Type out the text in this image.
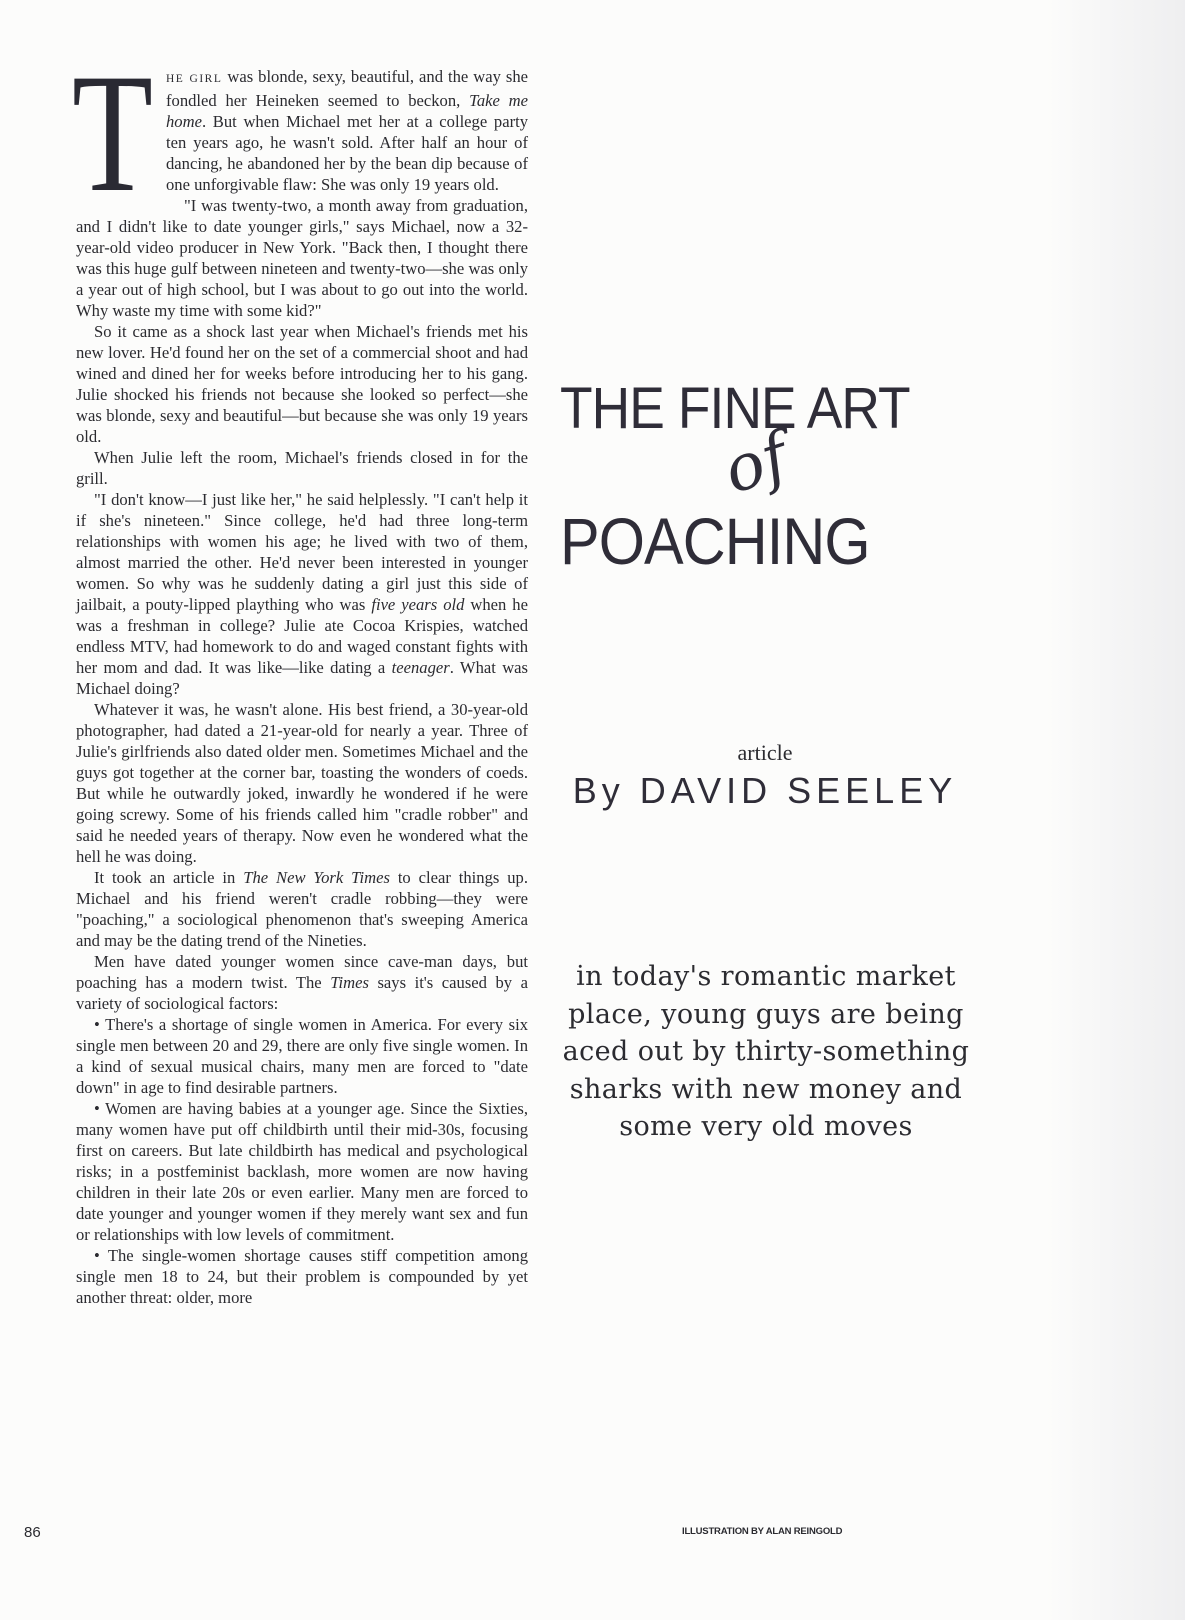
T HE GIRL was blonde, sexy, beautiful, and the way she fondled her Heineken seemed to beckon, Take me home. But when Michael met her at a college party ten years ago, he wasn't sold. After half an hour of dancing, he abandoned her by the bean dip because of one unforgivable flaw: She was only 19 years old.

"I was twenty-two, a month away from graduation, and I didn't like to date younger girls," says Michael, now a 32-year-old video producer in New York. "Back then, I thought there was this huge gulf between nineteen and twenty-two—she was only a year out of high school, but I was about to go out into the world. Why waste my time with some kid?"

So it came as a shock last year when Michael's friends met his new lover. He'd found her on the set of a commercial shoot and had wined and dined her for weeks before introducing her to his gang. Julie shocked his friends not because she looked so perfect—she was blonde, sexy and beautiful—but because she was only 19 years old.

When Julie left the room, Michael's friends closed in for the grill.

"I don't know—I just like her," he said helplessly. "I can't help it if she's nineteen." Since college, he'd had three long-term relationships with women his age; he lived with two of them, almost married the other. He'd never been interested in younger women. So why was he suddenly dating a girl just this side of jailbait, a pouty-lipped plaything who was five years old when he was a freshman in college? Julie ate Cocoa Krispies, watched endless MTV, had homework to do and waged constant fights with her mom and dad. It was like—like dating a teenager. What was Michael doing?

Whatever it was, he wasn't alone. His best friend, a 30-year-old photographer, had dated a 21-year-old for nearly a year. Three of Julie's girlfriends also dated older men. Sometimes Michael and the guys got together at the corner bar, toasting the wonders of coeds. But while he outwardly joked, inwardly he wondered if he were going screwy. Some of his friends called him "cradle robber" and said he needed years of therapy. Now even he wondered what the hell he was doing.

It took an article in The New York Times to clear things up. Michael and his friend weren't cradle robbing—they were "poaching," a sociological phenomenon that's sweeping America and may be the dating trend of the Nineties.

Men have dated younger women since cave-man days, but poaching has a modern twist. The Times says it's caused by a variety of sociological factors:

• There's a shortage of single women in America. For every six single men between 20 and 29, there are only five single women. In a kind of sexual musical chairs, many men are forced to "date down" in age to find desirable partners.

• Women are having babies at a younger age. Since the Sixties, many women have put off childbirth until their mid-30s, focusing first on careers. But late childbirth has medical and psychological risks; in a postfeminist backlash, more women are now having children in their late 20s or even earlier. Many men are forced to date younger and younger women if they merely want sex and fun or relationships with low levels of commitment.

• The single-women shortage causes stiff competition among single men 18 to 24, but their problem is compounded by yet another threat: older, more

86
THE FINE ART
of
POACHING
article
By DAVID SEELEY
in today's romantic market place, young guys are being aced out by thirty-something sharks with new money and some very old moves
ILLUSTRATION BY ALAN REINGOLD
